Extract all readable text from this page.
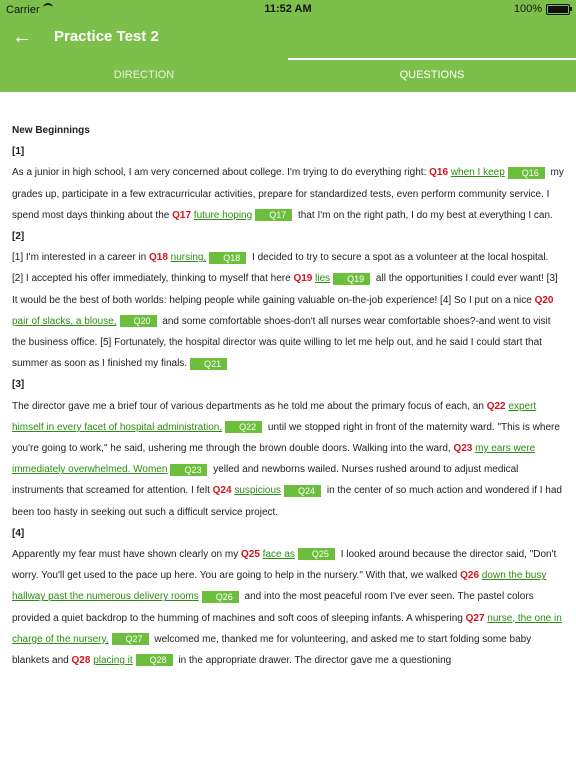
Carrier	11:52 AM	100%
← Practice Test 2
DIRECTION	QUESTIONS

New Beginnings

[1]

As a junior in high school, I am very concerned about college. I'm trying to do everything right: Q16 when I keep Q16 my grades up, participate in a few extracurricular activities, prepare for standardized tests, even perform community service. I spend most days thinking about the Q17 future hoping Q17 that I'm on the right path, I do my best at everything I can.

[2]

[1] I'm interested in a career in Q18 nursing, Q18 I decided to try to secure a spot as a volunteer at the local hospital.

[2] I accepted his offer immediately, thinking to myself that here Q19 lies Q19 all the opportunities I could ever want! [3] It would be the best of both worlds: helping people while gaining valuable on-the-job experience! [4] So I put on a nice Q20 pair of slacks, a blouse, Q20 and some comfortable shoes-don't all nurses wear comfortable shoes?-and went to visit the business office. [5] Fortunately, the hospital director was quite willing to let me help out, and he said I could start that summer as soon as I finished my finals. Q21

[3]

The director gave me a brief tour of various departments as he told me about the primary focus of each, an Q22 expert himself in every facet of hospital administration, Q22 until we stopped right in front of the maternity ward. "This is where you're going to work," he said, ushering me through the brown double doors. Walking into the ward, Q23 my ears were immediately overwhelmed. Women Q23 yelled and newborns wailed. Nurses rushed around to adjust medical instruments that screamed for attention. I felt Q24 suspicious Q24 in the center of so much action and wondered if I had been too hasty in seeking out such a difficult service project.

[4]

Apparently my fear must have shown clearly on my Q25 face as Q25 I looked around because the director said, "Don't worry. You'll get used to the pace up here. You are going to help in the nursery." With that, we walked Q26 down the busy hallway past the numerous delivery rooms Q26 and into the most peaceful room I've ever seen. The pastel colors provided a quiet backdrop to the humming of machines and soft coos of sleeping infants. A whispering Q27 nurse, the one in charge of the nursery, Q27 welcomed me, thanked me for volunteering, and asked me to start folding some baby blankets and Q28 placing it Q28 in the appropriate drawer. The director gave me a questioning
